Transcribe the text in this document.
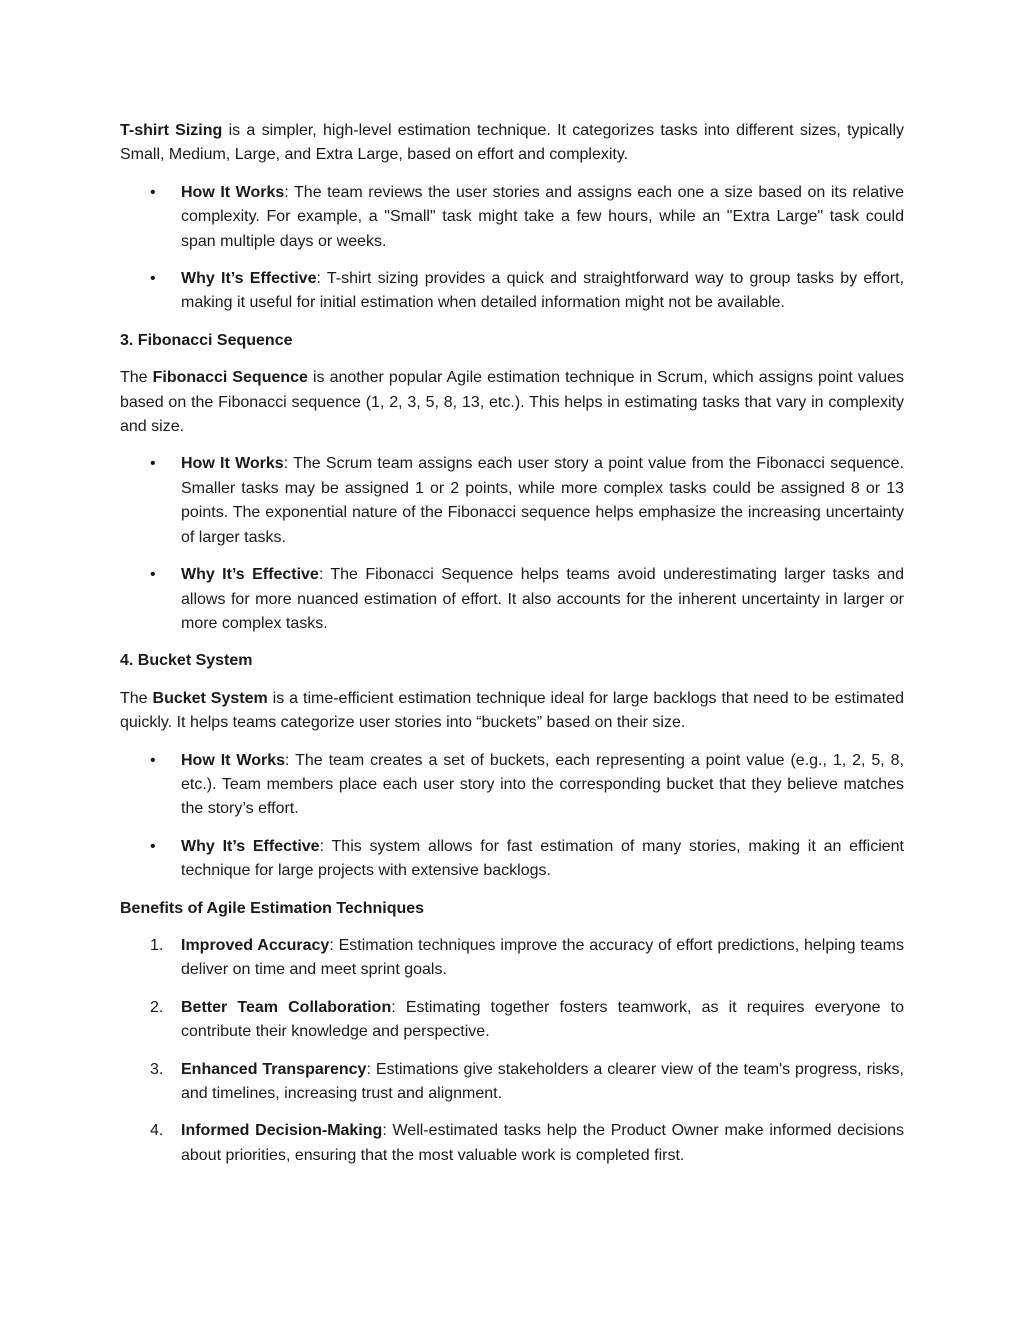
T-shirt Sizing is a simpler, high-level estimation technique. It categorizes tasks into different sizes, typically Small, Medium, Large, and Extra Large, based on effort and complexity.

•	How It Works: The team reviews the user stories and assigns each one a size based on its relative complexity. For example, a "Small" task might take a few hours, while an "Extra Large" task could span multiple days or weeks.
•	Why It’s Effective: T-shirt sizing provides a quick and straightforward way to group tasks by effort, making it useful for initial estimation when detailed information might not be available.
3. Fibonacci Sequence

The Fibonacci Sequence is another popular Agile estimation technique in Scrum, which assigns point values based on the Fibonacci sequence (1, 2, 3, 5, 8, 13, etc.). This helps in estimating tasks that vary in complexity and size.

•	How It Works: The Scrum team assigns each user story a point value from the Fibonacci sequence. Smaller tasks may be assigned 1 or 2 points, while more complex tasks could be assigned 8 or 13 points. The exponential nature of the Fibonacci sequence helps emphasize the increasing uncertainty of larger tasks.
•	Why It’s Effective: The Fibonacci Sequence helps teams avoid underestimating larger tasks and allows for more nuanced estimation of effort. It also accounts for the inherent uncertainty in larger or more complex tasks.
4. Bucket System

The Bucket System is a time-efficient estimation technique ideal for large backlogs that need to be estimated quickly. It helps teams categorize user stories into “buckets” based on their size.

•	How It Works: The team creates a set of buckets, each representing a point value (e.g., 1, 2, 5, 8, etc.). Team members place each user story into the corresponding bucket that they believe matches the story’s effort.
•	Why It’s Effective: This system allows for fast estimation of many stories, making it an efficient technique for large projects with extensive backlogs.
Benefits of Agile Estimation Techniques
1.	Improved Accuracy: Estimation techniques improve the accuracy of effort predictions, helping teams deliver on time and meet sprint goals.
2.	Better Team Collaboration: Estimating together fosters teamwork, as it requires everyone to contribute their knowledge and perspective.
3.	Enhanced Transparency: Estimations give stakeholders a clearer view of the team's progress, risks, and timelines, increasing trust and alignment.
4.	Informed Decision-Making: Well-estimated tasks help the Product Owner make informed decisions about priorities, ensuring that the most valuable work is completed first.
